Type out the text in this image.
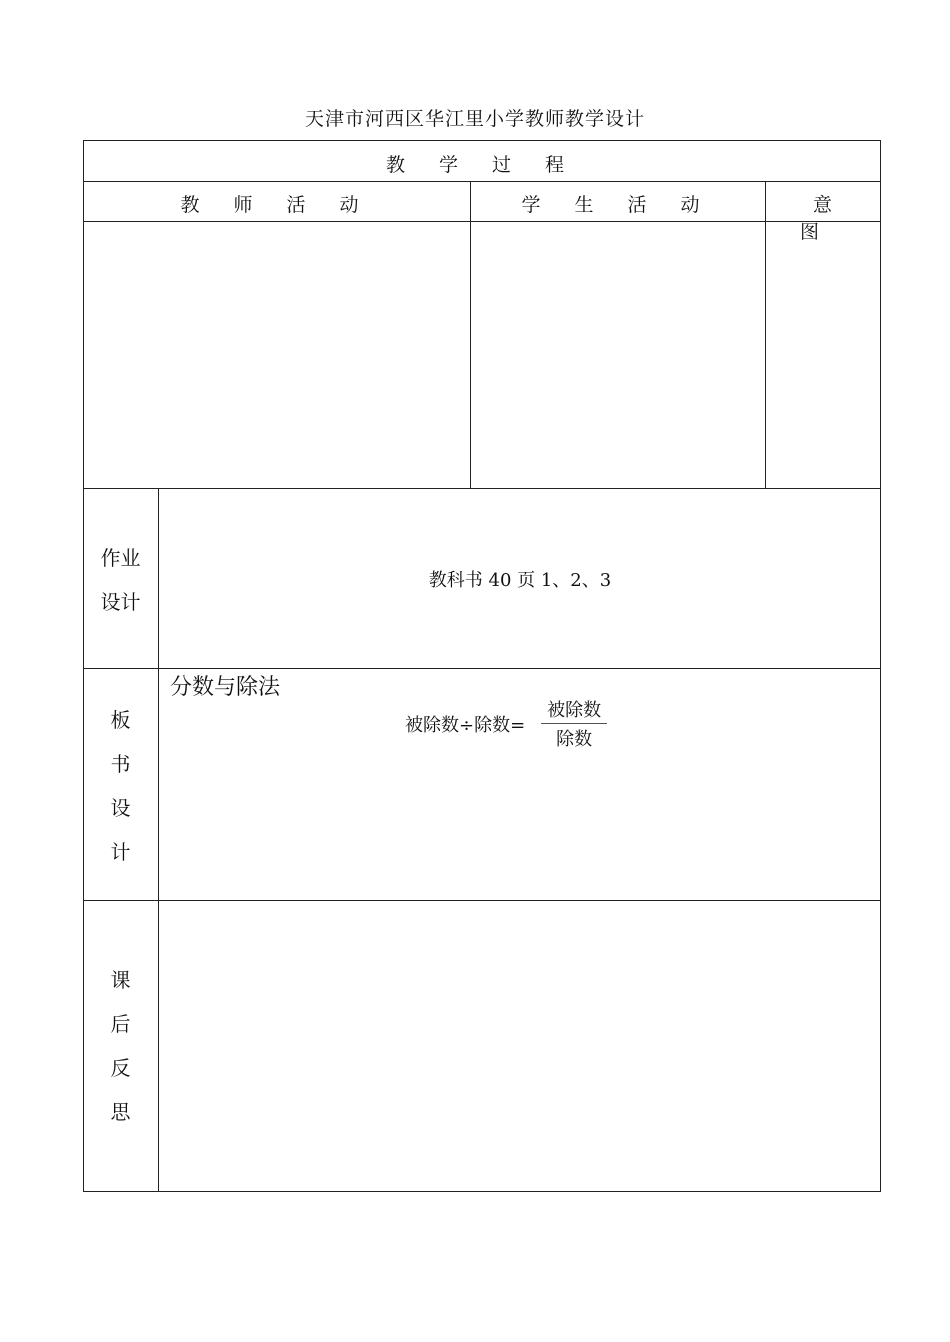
天津市河西区华江里小学教师教学设计
教 学 过 程
教 师 活 动	学 生 活 动	意 图
作业
设计
教科书 40 页 1、2、3
板
书
设
计
分数与除法
被除数÷除数= $\frac{\text{被除数}}{\text{除数}}$
课
后
反
思
